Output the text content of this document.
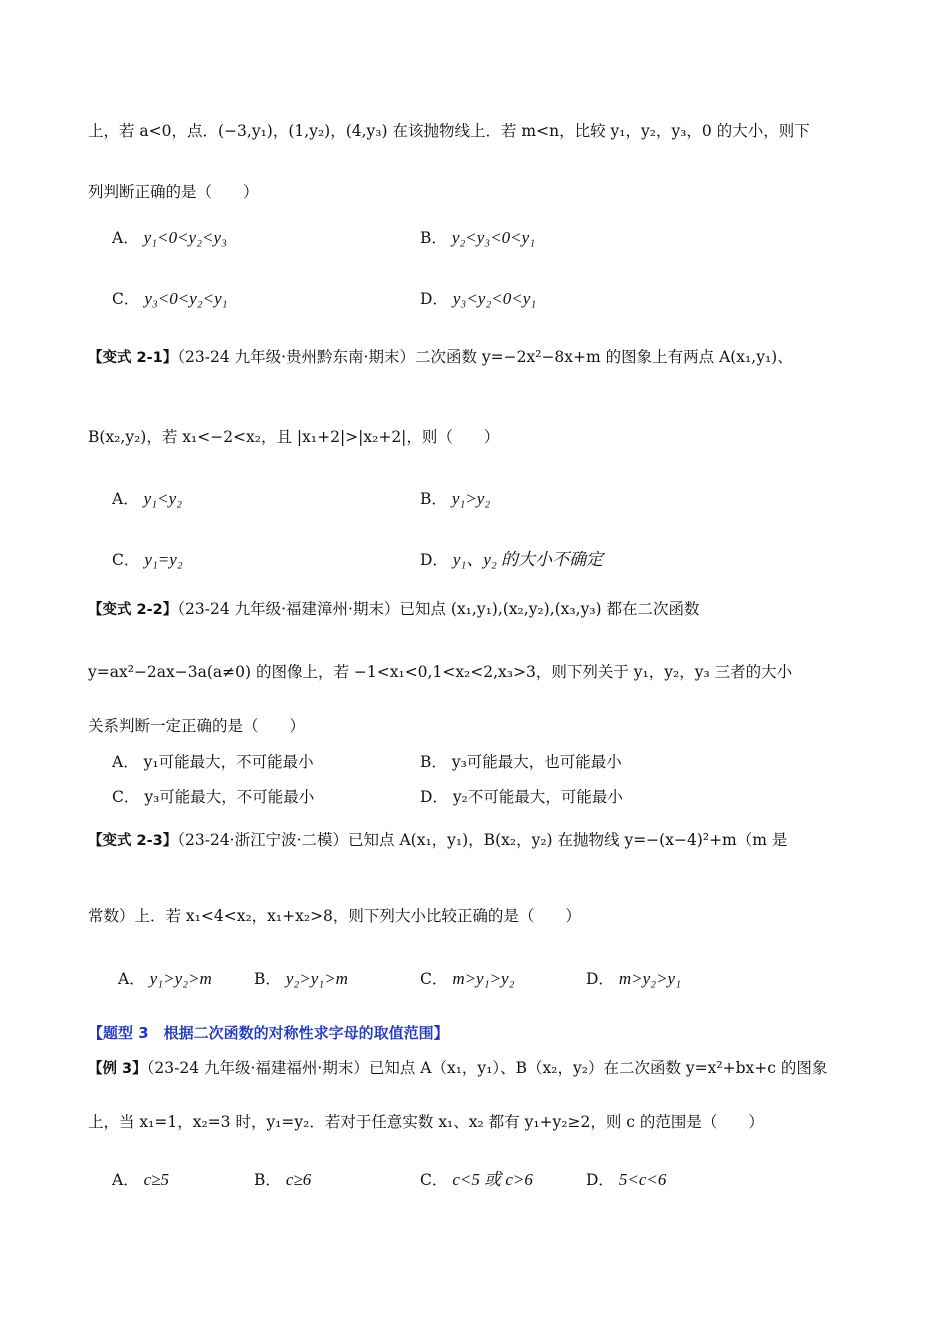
上，若 a<0，点．(−3,y₁)，(1,y₂)，(4,y₃) 在该抛物线上．若 m<n，比较 y₁，y₂，y₃，0 的大小，则下
列判断正确的是（　　）
A． y₁<0<y₂<y₃	B． y₂<y₃<0<y₁
C． y₃<0<y₂<y₁	D． y₃<y₂<0<y₁
【变式 2-1】（23-24 九年级·贵州黔东南·期末）二次函数 y=−2x²−8x+m 的图象上有两点 A(x₁,y₁)、
B(x₂,y₂)，若 x₁<−2<x₂，且 |x₁+2|>|x₂+2|，则（　　）
A． y₁<y₂	B． y₁>y₂
C． y₁=y₂	D． y₁、y₂ 的大小不确定
【变式 2-2】（23-24 九年级·福建漳州·期末）已知点 (x₁,y₁),(x₂,y₂),(x₃,y₃) 都在二次函数
y=ax²−2ax−3a(a≠0) 的图像上，若 −1<x₁<0,1<x₂<2,x₃>3，则下列关于 y₁，y₂，y₃ 三者的大小
关系判断一定正确的是（　　）
A． y₁可能最大，不可能最小	B． y₃可能最大，也可能最小
C． y₃可能最大，不可能最小	D． y₂不可能最大，可能最小
【变式 2-3】（23-24·浙江宁波·二模）已知点 A(x₁，y₁)，B(x₂，y₂) 在抛物线 y=−(x−4)²+m（m 是
常数）上．若 x₁<4<x₂，x₁+x₂>8，则下列大小比较正确的是（　　）
A． y₁>y₂>m	B． y₂>y₁>m	C． m>y₁>y₂	D． m>y₂>y₁
【题型 3　根据二次函数的对称性求字母的取值范围】
【例 3】（23-24 九年级·福建福州·期末）已知点 A（x₁，y₁）、B（x₂，y₂）在二次函数 y=x²+bx+c 的图象
上，当 x₁=1，x₂=3 时，y₁=y₂．若对于任意实数 x₁、x₂ 都有 y₁+y₂≥2，则 c 的范围是（　　）
A． c≥5	B． c≥6	C． c<5 或 c>6	D． 5<c<6
